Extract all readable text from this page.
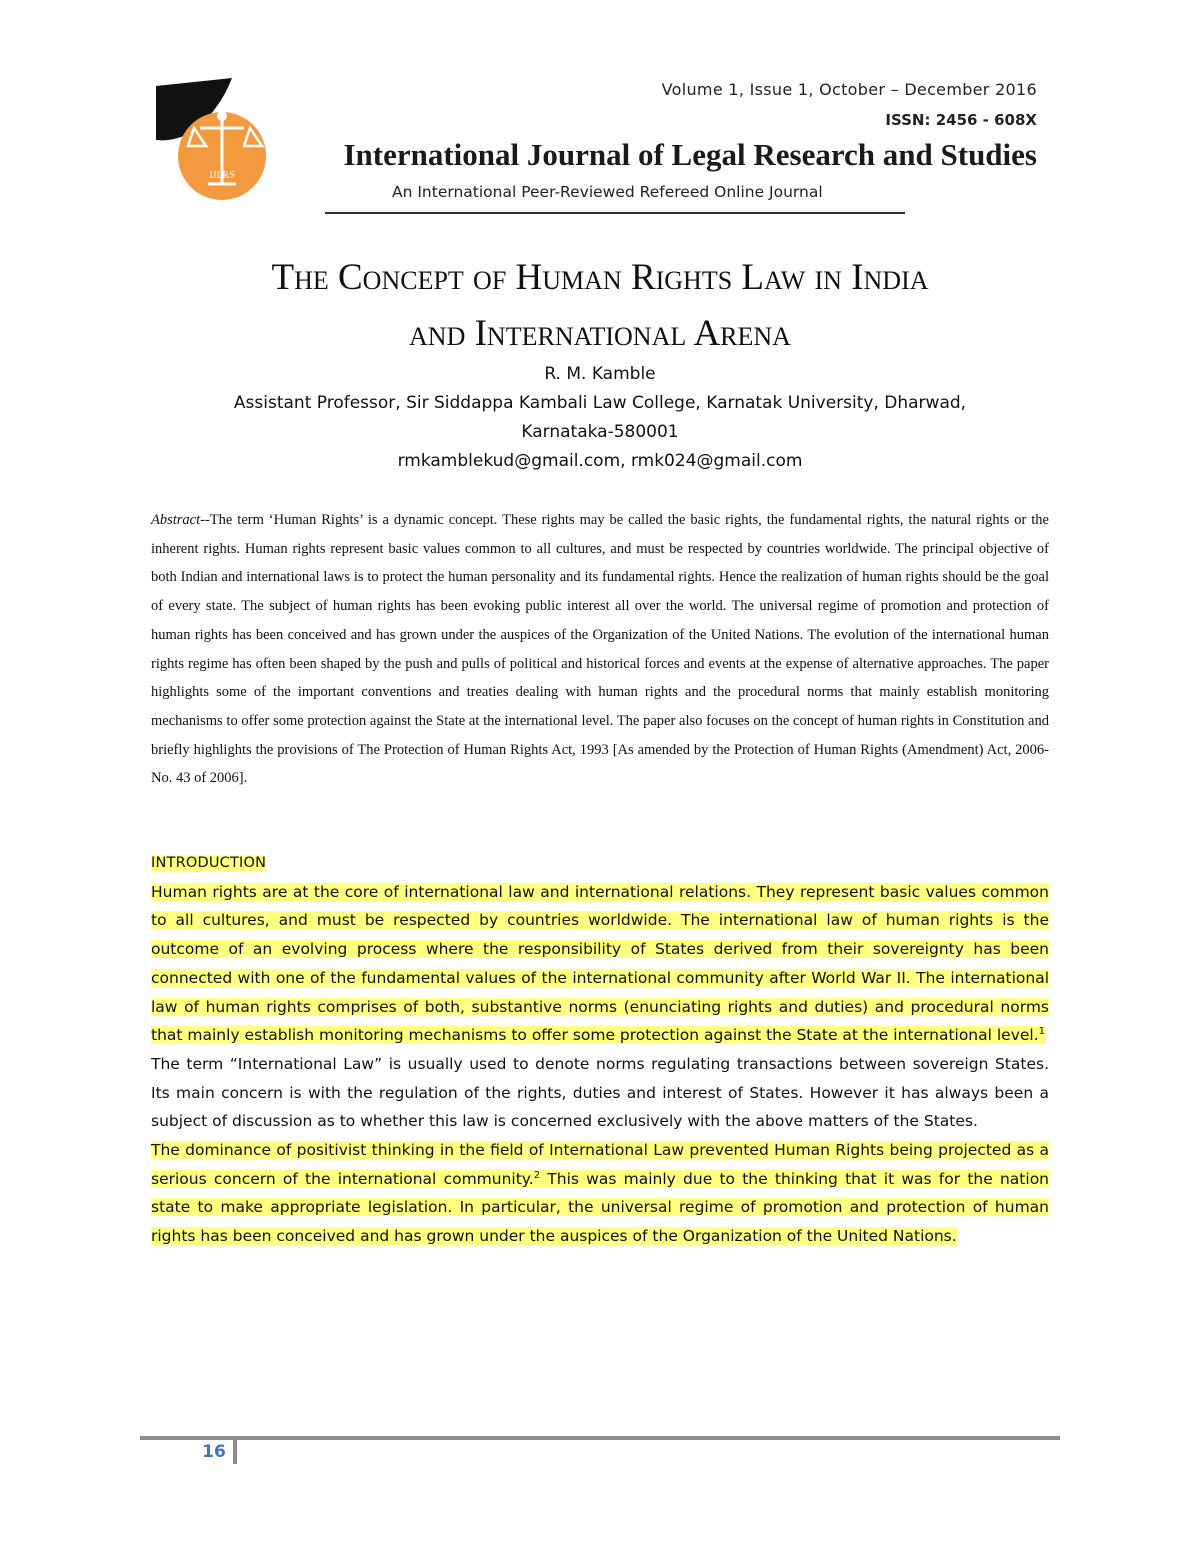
IJLRS
Volume 1, Issue 1, October – December 2016
ISSN: 2456 - 608X
International Journal of Legal Research and Studies
An International Peer-Reviewed Refereed Online Journal
The Concept of Human Rights Law in India
and International Arena
R. M. Kamble
Assistant Professor, Sir Siddappa Kambali Law College, Karnatak University, Dharwad,
Karnataka-580001
rmkamblekud@gmail.com, rmk024@gmail.com
Abstract--The term ‘Human Rights’ is a dynamic concept. These rights may be called the basic rights, the fundamental rights, the natural rights or the inherent rights. Human rights represent basic values common to all cultures, and must be respected by countries worldwide. The principal objective of both Indian and international laws is to protect the human personality and its fundamental rights. Hence the realization of human rights should be the goal of every state. The subject of human rights has been evoking public interest all over the world. The universal regime of promotion and protection of human rights has been conceived and has grown under the auspices of the Organization of the United Nations. The evolution of the international human rights regime has often been shaped by the push and pulls of political and historical forces and events at the expense of alternative approaches. The paper highlights some of the important conventions and treaties dealing with human rights and the procedural norms that mainly establish monitoring mechanisms to offer some protection against the State at the international level. The paper also focuses on the concept of human rights in Constitution and briefly highlights the provisions of The Protection of Human Rights Act, 1993 [As amended by the Protection of Human Rights (Amendment) Act, 2006-No. 43 of 2006].

INTRODUCTION

Human rights are at the core of international law and international relations. They represent basic values common to all cultures, and must be respected by countries worldwide. The international law of human rights is the outcome of an evolving process where the responsibility of States derived from their sovereignty has been connected with one of the fundamental values of the international community after World War II. The international law of human rights comprises of both, substantive norms (enunciating rights and duties) and procedural norms that mainly establish monitoring mechanisms to offer some protection against the State at the international level.$^1$

The term “International Law” is usually used to denote norms regulating transactions between sovereign States. Its main concern is with the regulation of the rights, duties and interest of States. However it has always been a subject of discussion as to whether this law is concerned exclusively with the above matters of the States.

The dominance of positivist thinking in the field of International Law prevented Human Rights being projected as a serious concern of the international community.$^2$ This was mainly due to the thinking that it was for the nation state to make appropriate legislation. In particular, the universal regime of promotion and protection of human rights has been conceived and has grown under the auspices of the Organization of the United Nations.

16
